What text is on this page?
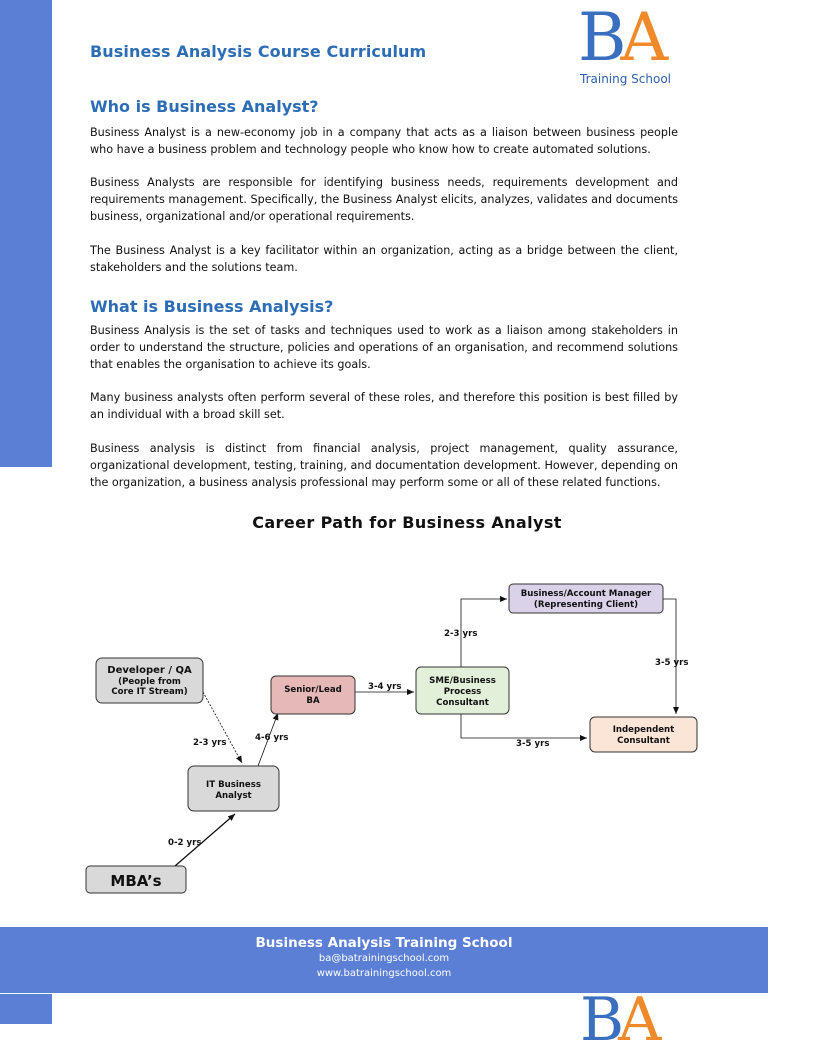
Business Analysis Course Curriculum BA
Training School
Who is Business Analyst?
Business Analyst is a new-economy job in a company that acts as a liaison between business people who have a business problem and technology people who know how to create automated solutions.
Business Analysts are responsible for identifying business needs, requirements development and requirements management. Specifically, the Business Analyst elicits, analyzes, validates and documents business, organizational and/or operational requirements.
The Business Analyst is a key facilitator within an organization, acting as a bridge between the client, stakeholders and the solutions team.
What is Business Analysis?
Business Analysis is the set of tasks and techniques used to work as a liaison among stakeholders in order to understand the structure, policies and operations of an organisation, and recommend solutions that enables the organisation to achieve its goals.
Many business analysts often perform several of these roles, and therefore this position is best filled by an individual with a broad skill set.
Business analysis is distinct from financial analysis, project management, quality assurance, organizational development, testing, training, and documentation development. However, depending on the organization, a business analysis professional may perform some or all of these related functions.
Career Path for Business Analyst
Developer / QA
(People from
Core IT Stream)	Senior/Lead
BA
SME/Business
Process
Consultant
Business/Account Manager
(Representing Client)
Independent
Consultant
IT Business
Analyst
MBA’s
2-3 yrs	4-6 yrs
3-4 yrs
2-3 yrs
3-5 yrs
3-5 yrs
0-2 yrs
Business Analysis Training School
ba@batrainingschool.com
www.batrainingschool.com
BA
